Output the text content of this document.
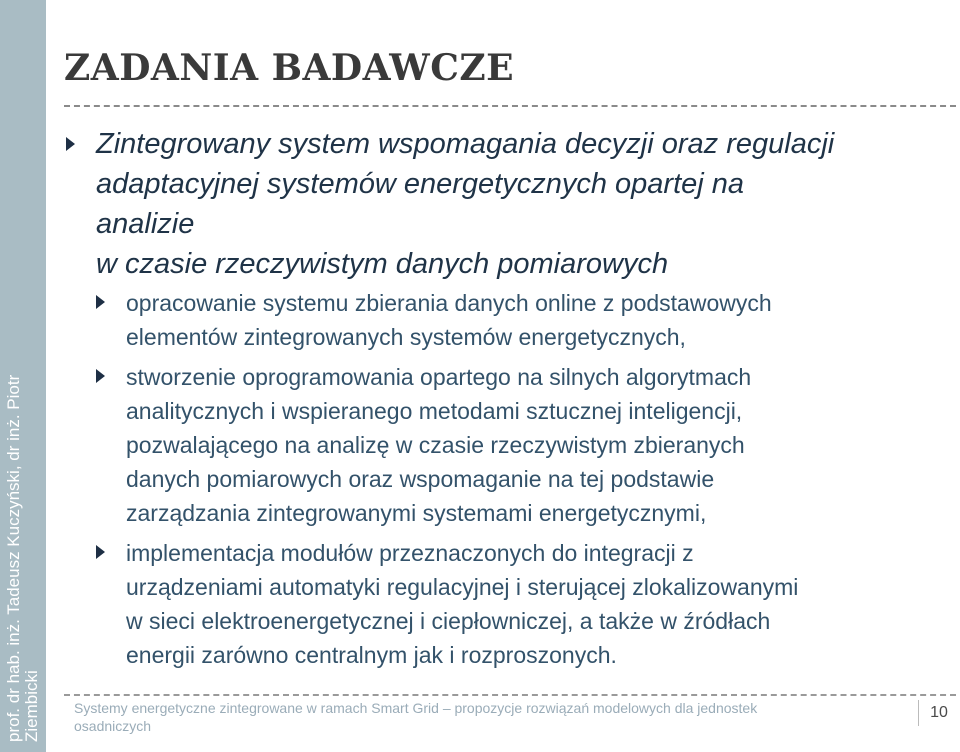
prof. dr hab. inż. Tadeusz Kuczyński, dr inż. Piotr Ziembicki
ZADANIA BADAWCZE
Zintegrowany system wspomagania decyzji oraz regulacji
adaptacyjnej systemów energetycznych opartej na
analizie
w czasie rzeczywistym danych pomiarowych
opracowanie systemu zbierania danych online z podstawowych
elementów zintegrowanych systemów energetycznych,
stworzenie oprogramowania opartego na silnych algorytmach
analitycznych i wspieranego metodami sztucznej inteligencji,
pozwalającego na analizę w czasie rzeczywistym zbieranych
danych pomiarowych oraz wspomaganie na tej podstawie
zarządzania zintegrowanymi systemami energetycznymi,
implementacja modułów przeznaczonych do integracji z
urządzeniami automatyki regulacyjnej i sterującej zlokalizowanymi
w sieci elektroenergetycznej i ciepłowniczej, a także w źródłach
energii zarówno centralnym jak i rozproszonych.
Systemy energetyczne zintegrowane w ramach Smart Grid – propozycje rozwiązań modelowych dla jednostek
osadniczych
10
